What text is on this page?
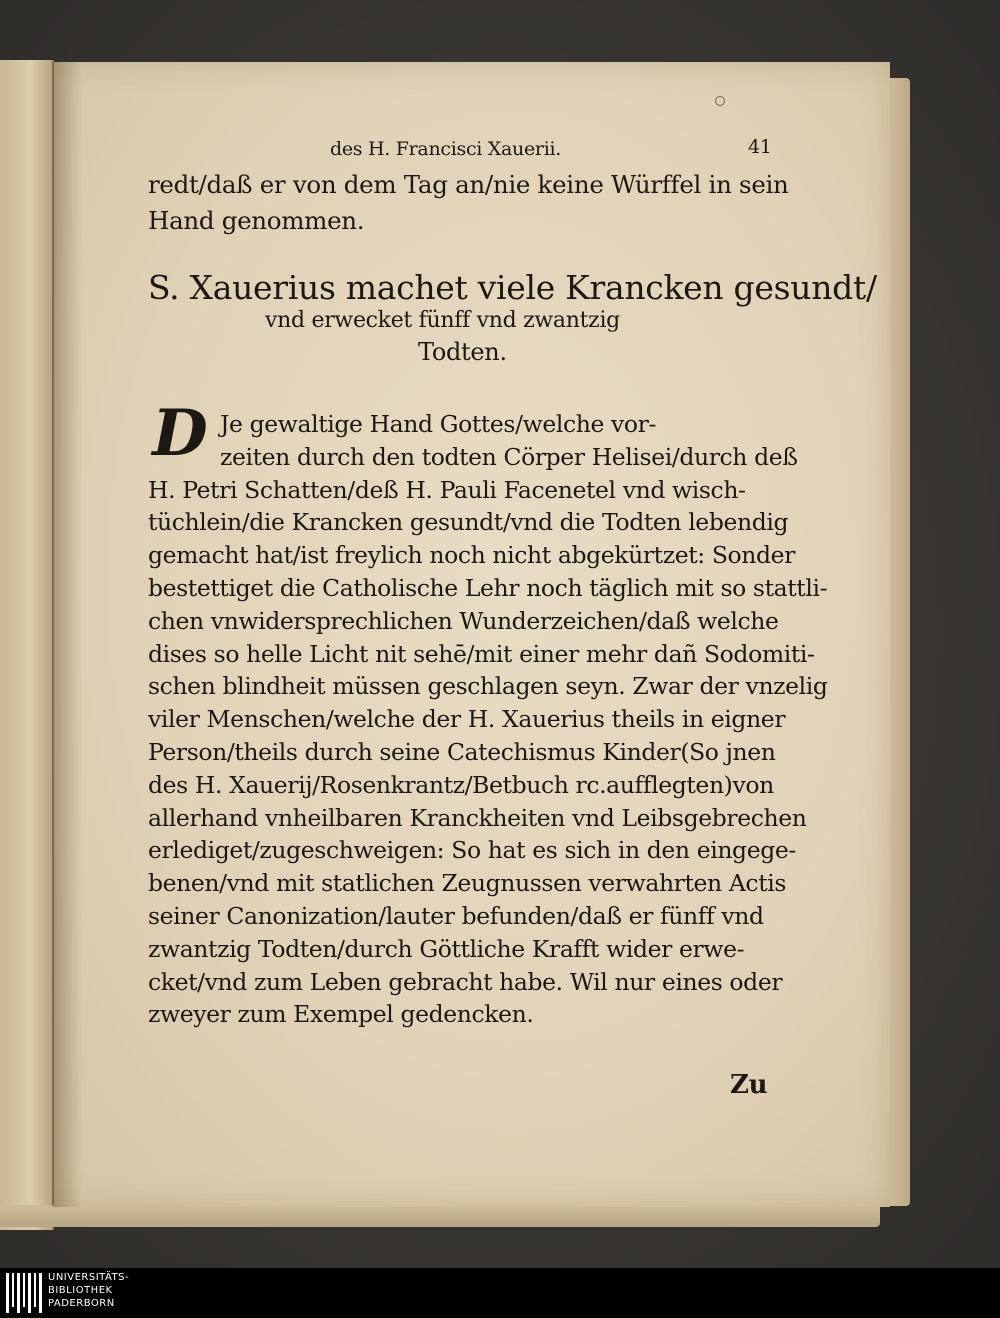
des H. Francisci Xauerii.	41
redt/daß er von dem Tag an/nie keine Würffel in sein
Hand genommen.
S. Xauerius machet viele Krancken gesundt/
vnd erwecket fünff vnd zwantzig
Todten.
D Je gewaltige Hand Gottes/welche vor-
zeiten durch den todten Cörper Helisei/durch deß
H. Petri Schatten/deß H. Pauli Facenetel vnd wisch-
tüchlein/die Krancken gesundt/vnd die Todten lebendig
gemacht hat/ist freylich noch nicht abgekürtzet: Sonder
bestettiget die Catholische Lehr noch täglich mit so stattli-
chen vnwidersprechlichen Wunderzeichen/daß welche
dises so helle Licht nit sehē/mit einer mehr dañ Sodomiti-
schen blindheit müssen geschlagen seyn. Zwar der vnzelig
viler Menschen/welche der H. Xauerius theils in eigner
Person/theils durch seine Catechismus Kinder(So jnen
des H. Xauerij/Rosenkrantz/Betbuch rc.aufflegten)von
allerhand vnheilbaren Kranckheiten vnd Leibsgebrechen
erlediget/zugeschweigen: So hat es sich in den eingege-
benen/vnd mit statlichen Zeugnussen verwahrten Actis
seiner Canonization/lauter befunden/daß er fünff vnd
zwantzig Todten/durch Göttliche Krafft wider erwe-
cket/vnd zum Leben gebracht habe. Wil nur eines oder
zweyer zum Exempel gedencken.
Zu
UNIVERSITÄTS-
BIBLIOTHEK
PADERBORN
